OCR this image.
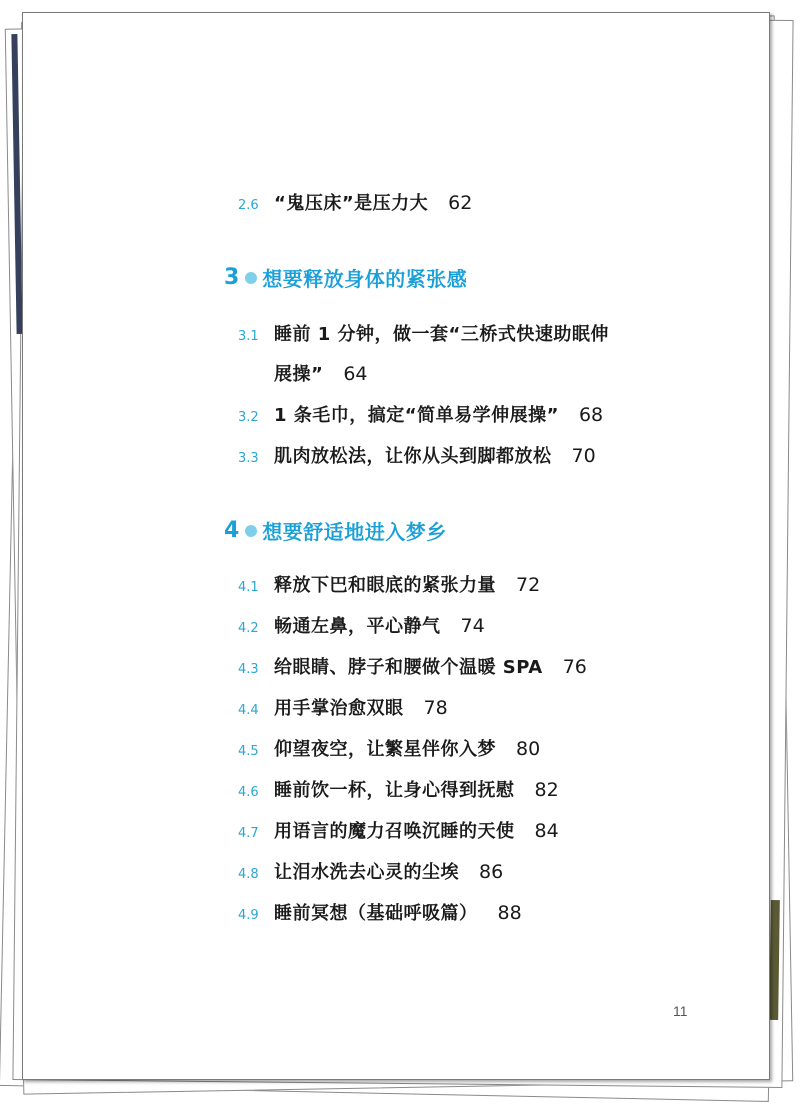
2.6 “鬼压床”是压力大 62
3 想要释放身体的紧张感
3.1 睡前 1 分钟，做一套“三桥式快速助眠伸
展操” 64
3.2 1 条毛巾，搞定“简单易学伸展操” 68
3.3 肌肉放松法，让你从头到脚都放松 70
4 想要舒适地进入梦乡
4.1 释放下巴和眼底的紧张力量 72
4.2 畅通左鼻，平心静气 74
4.3 给眼睛、脖子和腰做个温暖 SPA 76
4.4 用手掌治愈双眼 78
4.5 仰望夜空，让繁星伴你入梦 80
4.6 睡前饮一杯，让身心得到抚慰 82
4.7 用语言的魔力召唤沉睡的天使 84
4.8 让泪水洗去心灵的尘埃 86
4.9 睡前冥想（基础呼吸篇） 88
11
